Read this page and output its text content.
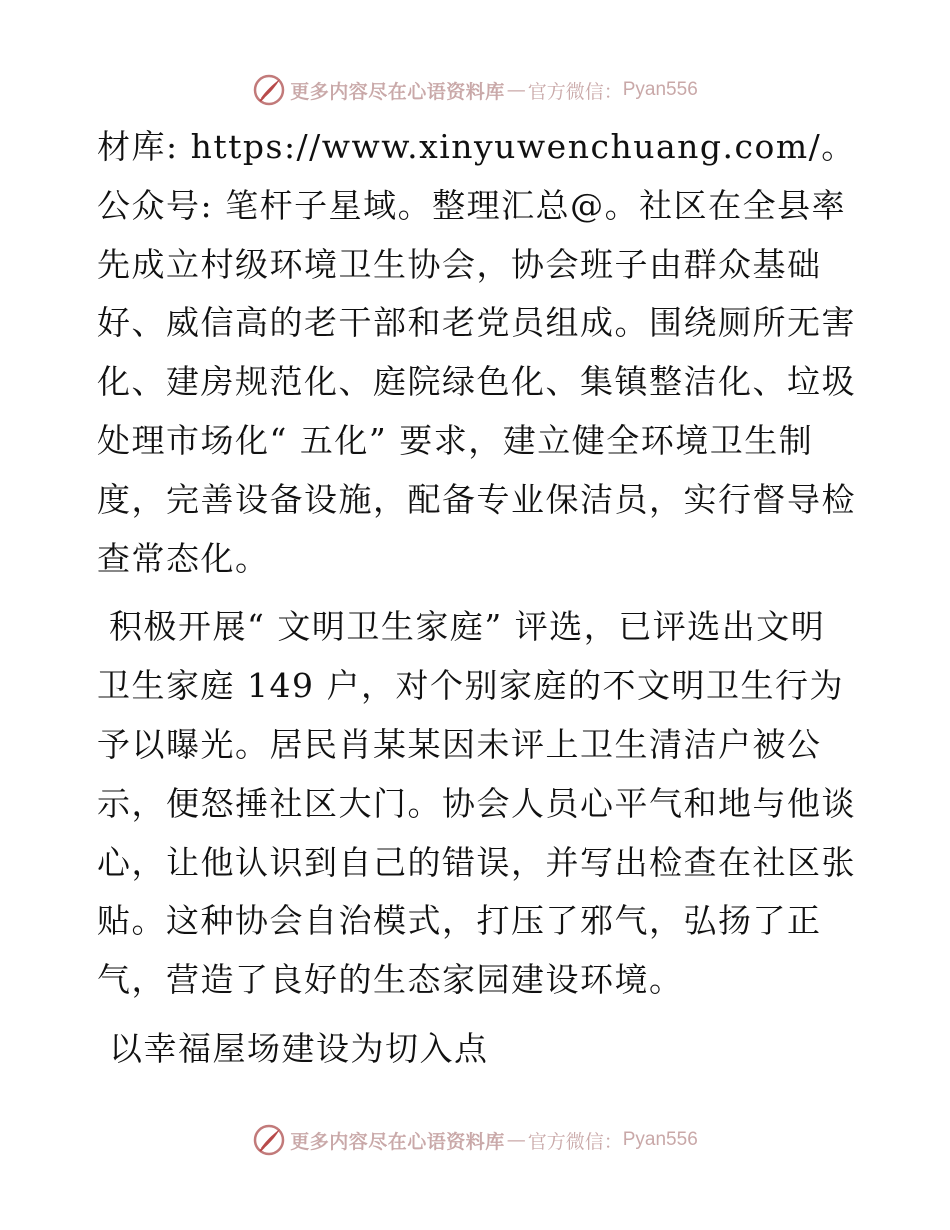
更多内容尽在心语资料库 — 官方微信： Pyan556

材库: https://www.xinyuwenchuang.com/。公众号: 笔杆子星域。整理汇总@。社区在全县率先成立村级环境卫生协会，协会班子由群众基础好、威信高的老干部和老党员组成。围绕厕所无害化、建房规范化、庭院绿色化、集镇整洁化、垃圾处理市场化“ 五化” 要求，建立健全环境卫生制度，完善设备设施，配备专业保洁员，实行督导检查常态化。

积极开展“ 文明卫生家庭” 评选，已评选出文明卫生家庭 149 户，对个别家庭的不文明卫生行为予以曝光。居民肖某某因未评上卫生清洁户被公示，便怒捶社区大门。协会人员心平气和地与他谈心，让他认识到自己的错误，并写出检查在社区张贴。这种协会自治模式，打压了邪气，弘扬了正气，营造了良好的生态家园建设环境。

以幸福屋场建设为切入点

更多内容尽在心语资料库 — 官方微信： Pyan556
